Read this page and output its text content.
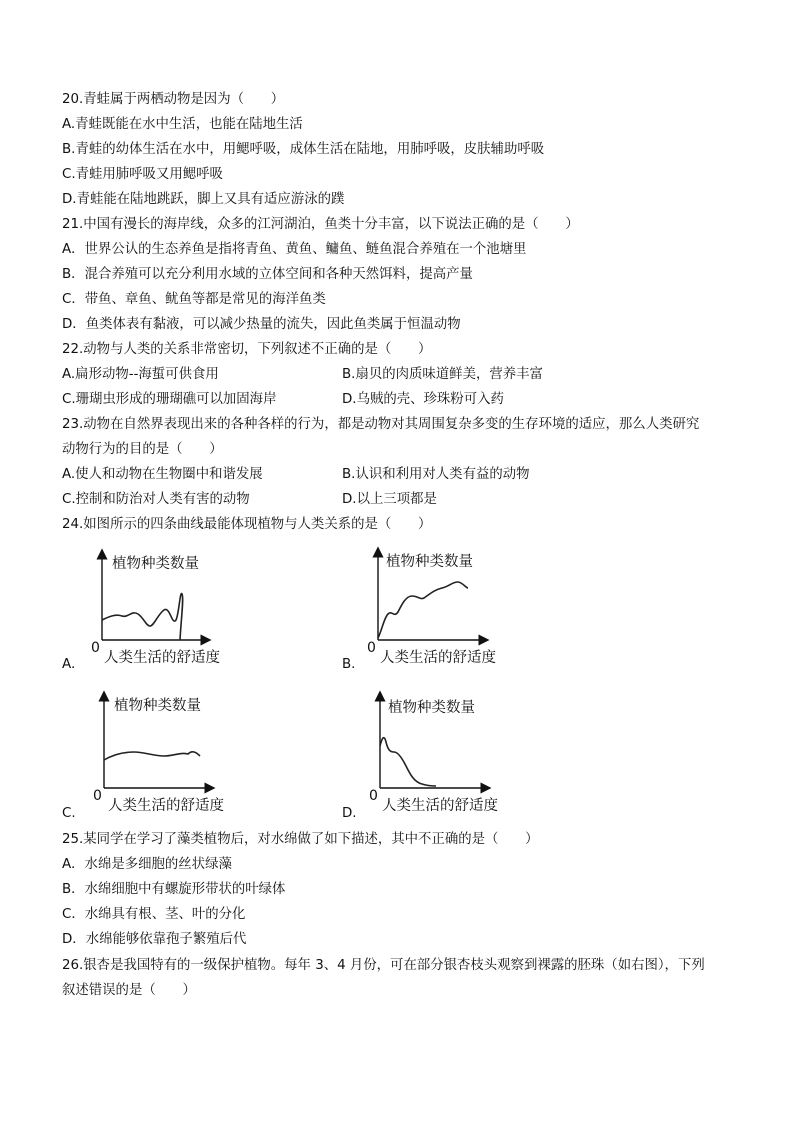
20.青蛙属于两栖动物是因为（　　）
A.青蛙既能在水中生活，也能在陆地生活
B.青蛙的幼体生活在水中，用鳃呼吸，成体生活在陆地，用肺呼吸，皮肤辅助呼吸
C.青蛙用肺呼吸又用鳃呼吸
D.青蛙能在陆地跳跃，脚上又具有适应游泳的蹼
21.中国有漫长的海岸线，众多的江河湖泊，鱼类十分丰富，以下说法正确的是（　　）
A．世界公认的生态养鱼是指将青鱼、黄鱼、鳙鱼、鲢鱼混合养殖在一个池塘里
B．混合养殖可以充分利用水域的立体空间和各种天然饵料，提高产量
C．带鱼、章鱼、鱿鱼等都是常见的海洋鱼类
D．鱼类体表有黏液，可以减少热量的流失，因此鱼类属于恒温动物
22.动物与人类的关系非常密切，下列叙述不正确的是（　　）
A.扁形动物--海蜇可供食用	B.扇贝的肉质味道鲜美，营养丰富
C.珊瑚虫形成的珊瑚礁可以加固海岸	D.乌贼的壳、珍珠粉可入药
23.动物在自然界表现出来的各种各样的行为，都是动物对其周围复杂多变的生存环境的适应，那么人类研究
动物行为的目的是（　　）
A.使人和动物在生物圈中和谐发展	B.认识和利用对人类有益的动物
C.控制和防治对人类有害的动物	D.以上三项都是
24.如图所示的四条曲线最能体现植物与人类关系的是（　　）
植物种类数量
0
人类生活的舒适度
A．
植物种类数量
0
人类生活的舒适度
B.
植物种类数量
0
人类生活的舒适度
C.
植物种类数量
0
人类生活的舒适度
D.
25.某同学在学习了藻类植物后，对水绵做了如下描述，其中不正确的是（　　）
A．水绵是多细胞的丝状绿藻
B．水绵细胞中有螺旋形带状的叶绿体
C．水绵具有根、茎、叶的分化
D．水绵能够依靠孢子繁殖后代
26.银杏是我国特有的一级保护植物。每年 3、4 月份，可在部分银杏枝头观察到裸露的胚珠（如右图），下列
叙述错误的是（　　）
